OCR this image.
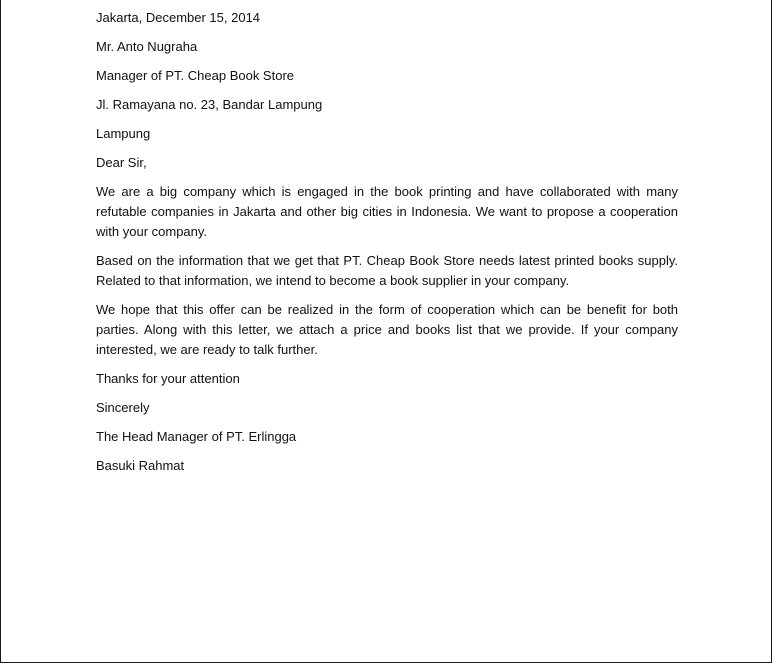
Jakarta, December 15, 2014
Mr. Anto Nugraha
Manager of PT. Cheap Book Store
Jl. Ramayana no. 23, Bandar Lampung
Lampung
Dear Sir,
We are a big company which is engaged in the book printing and have collaborated with many refutable companies in Jakarta and other big cities in Indonesia. We want to propose a cooperation with your company.
Based on the information that we get that PT. Cheap Book Store needs latest printed books supply. Related to that information, we intend to become a book supplier in your company.
We hope that this offer can be realized in the form of cooperation which can be benefit for both parties. Along with this letter, we attach a price and books list that we provide. If your company interested, we are ready to talk further.
Thanks for your attention
Sincerely
The Head Manager of PT. Erlingga
Basuki Rahmat
